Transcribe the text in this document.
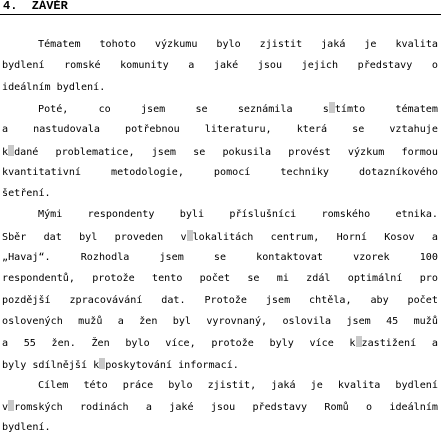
4.  ZÁVĚR
Tématem tohoto výzkumu bylo zjistit jaká je kvalita
bydlení romské komunity a jaké jsou jejich představy o
ideálním bydlení.
Poté,	co	jsem	se	seznámila	s tímto	tématem
a nastudovala potřebnou literaturu, která se vztahuje
k dané problematice, jsem se pokusila provést výzkum formou
kvantitativní	metodologie,	pomocí	techniky	dotazníkového
šetření.
Mými	respondenty	byli	příslušníci	romského	etnika.
Sběr dat byl proveden v lokalitách centrum, Horní Kosov a
„Havaj“.	Rozhodla	jsem	se	kontaktovat	vzorek	100
respondentů, protože tento počet se mi zdál optimální pro
pozdější zpracovávání dat. Protože jsem chtěla, aby počet
oslovených mužů a žen byl vyrovnaný, oslovila jsem 45 mužů
a 55 žen. Žen bylo více, protože byly více k zastižení a
byly sdílnější k poskytování informací.
Cílem této práce bylo zjistit, jaká je kvalita bydlení
v romských rodinách a jaké jsou představy Romů o ideálním
bydlení.
